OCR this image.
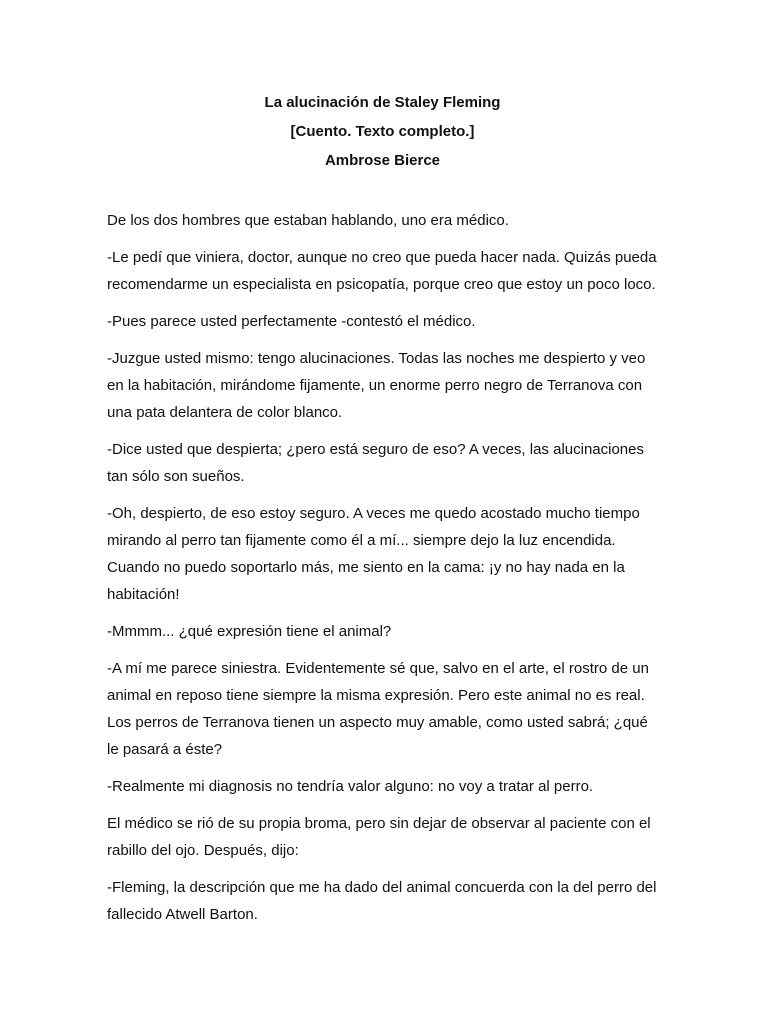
La alucinación de Staley Fleming

[Cuento. Texto completo.]

Ambrose Bierce

De los dos hombres que estaban hablando, uno era médico.

-Le pedí que viniera, doctor, aunque no creo que pueda hacer nada. Quizás pueda recomendarme un especialista en psicopatía, porque creo que estoy un poco loco.

-Pues parece usted perfectamente -contestó el médico.

-Juzgue usted mismo: tengo alucinaciones. Todas las noches me despierto y veo en la habitación, mirándome fijamente, un enorme perro negro de Terranova con una pata delantera de color blanco.

-Dice usted que despierta; ¿pero está seguro de eso? A veces, las alucinaciones tan sólo son sueños.

-Oh, despierto, de eso estoy seguro. A veces me quedo acostado mucho tiempo mirando al perro tan fijamente como él a mí... siempre dejo la luz encendida. Cuando no puedo soportarlo más, me siento en la cama: ¡y no hay nada en la habitación!

-Mmmm... ¿qué expresión tiene el animal?

-A mí me parece siniestra. Evidentemente sé que, salvo en el arte, el rostro de un animal en reposo tiene siempre la misma expresión. Pero este animal no es real. Los perros de Terranova tienen un aspecto muy amable, como usted sabrá; ¿qué le pasará a éste?

-Realmente mi diagnosis no tendría valor alguno: no voy a tratar al perro.

El médico se rió de su propia broma, pero sin dejar de observar al paciente con el rabillo del ojo. Después, dijo:

-Fleming, la descripción que me ha dado del animal concuerda con la del perro del fallecido Atwell Barton.
